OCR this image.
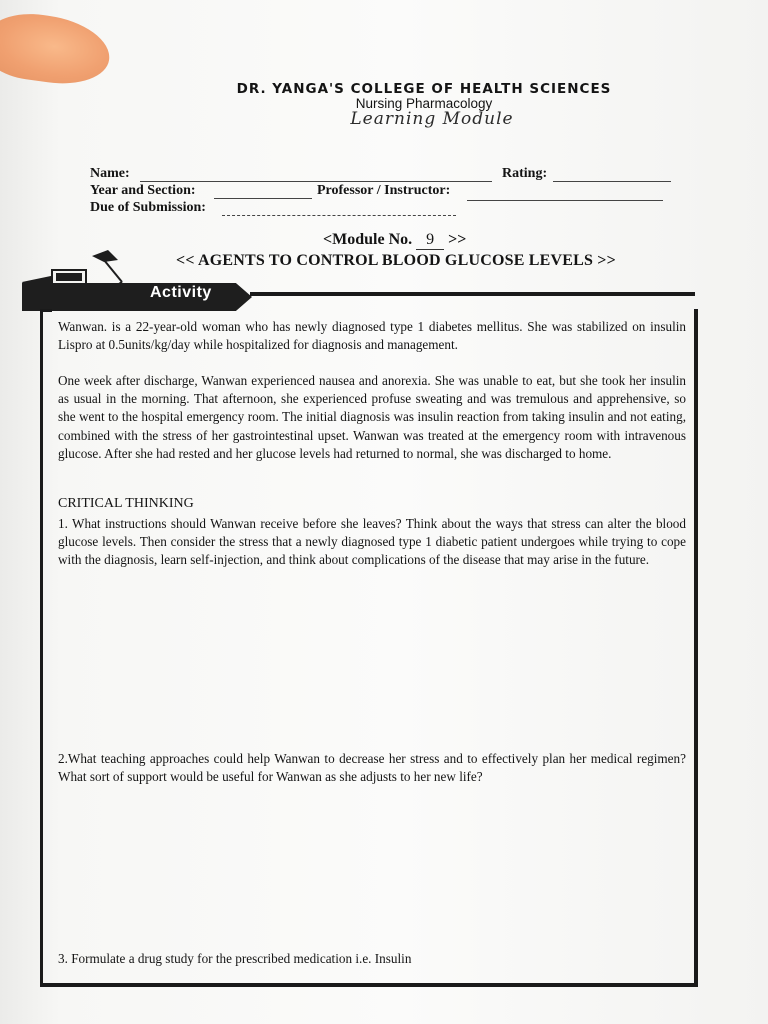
DR. YANGA'S COLLEGE OF HEALTH SCIENCES
Nursing Pharmacology
Learning Module
Name:	Rating:
Year and Section:	Professor / Instructor:
Due of Submission:
<Module No. 9 >>
<< AGENTS TO CONTROL BLOOD GLUCOSE LEVELS >>
Activity
Wanwan. is a 22-year-old woman who has newly diagnosed type 1 diabetes mellitus. She was stabilized on insulin Lispro at 0.5units/kg/day while hospitalized for diagnosis and management.
One week after discharge, Wanwan experienced nausea and anorexia. She was unable to eat, but she took her insulin as usual in the morning. That afternoon, she experienced profuse sweating and was tremulous and apprehensive, so she went to the hospital emergency room. The initial diagnosis was insulin reaction from taking insulin and not eating, combined with the stress of her gastrointestinal upset. Wanwan was treated at the emergency room with intravenous glucose. After she had rested and her glucose levels had returned to normal, she was discharged to home.
CRITICAL THINKING
1. What instructions should Wanwan receive before she leaves? Think about the ways that stress can alter the blood glucose levels. Then consider the stress that a newly diagnosed type 1 diabetic patient undergoes while trying to cope with the diagnosis, learn self-injection, and think about complications of the disease that may arise in the future.
2.What teaching approaches could help Wanwan to decrease her stress and to effectively plan her medical regimen? What sort of support would be useful for Wanwan as she adjusts to her new life?
3. Formulate a drug study for the prescribed medication i.e. Insulin
